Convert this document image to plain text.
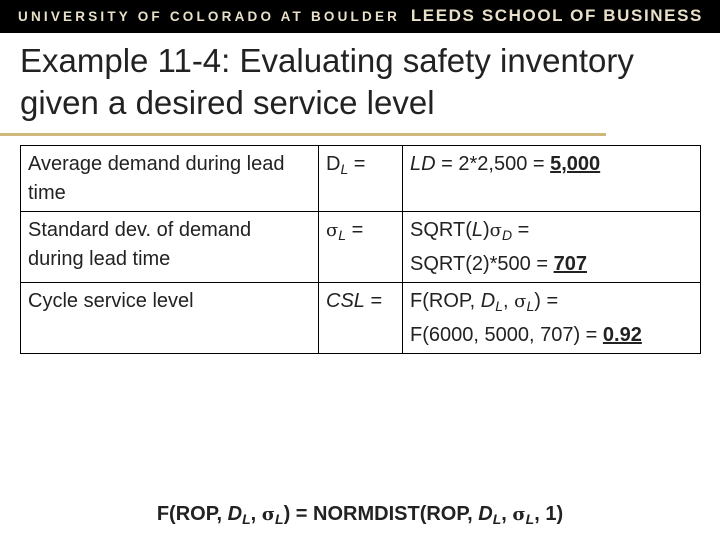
UNIVERSITY OF COLORADO AT BOULDER LEEDS SCHOOL OF BUSINESS
Example 11-4: Evaluating safety inventory given a desired service level
Average demand during lead time	$D_L$ =	LD = 2*2,500 = 5,000
Standard dev. of demand during lead time	$\sigma_L$ =	$SQRT(L)\sigma_D$ =
SQRT(2)*500 = 707

Cycle service level	CSL =	F(ROP, $D_L$, $\sigma_L$) =
F(6000, 5000, 707) = 0.92
F(ROP, $D_L$, $\sigma_L$) = NORMDIST(ROP, $D_L$, $\sigma_L$, 1)
